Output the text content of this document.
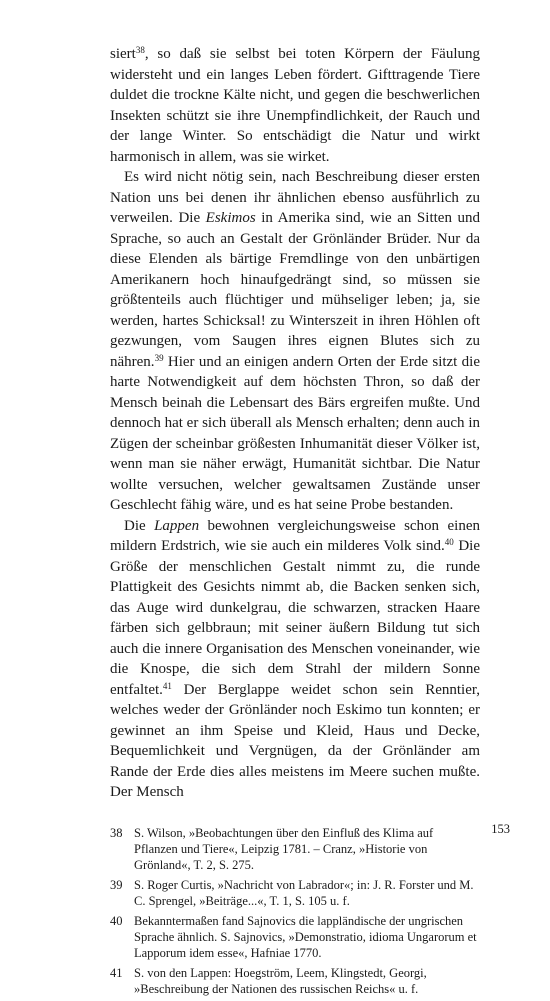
siert$^{38}$, so daß sie selbst bei toten Körpern der Fäulung widersteht und ein langes Leben fördert. Gifttragende Tiere duldet die trockne Kälte nicht, und gegen die beschwerlichen Insekten schützt sie ihre Unempfindlichkeit, der Rauch und der lange Winter. So entschädigt die Natur und wirkt harmonisch in allem, was sie wirket.

Es wird nicht nötig sein, nach Beschreibung dieser ersten Nation uns bei denen ihr ähnlichen ebenso ausführlich zu verweilen. Die Eskimos in Amerika sind, wie an Sitten und Sprache, so auch an Gestalt der Grönländer Brüder. Nur da diese Elenden als bärtige Fremdlinge von den unbärtigen Amerikanern hoch hinaufgedrängt sind, so müssen sie größtenteils auch flüchtiger und mühseliger leben; ja, sie werden, hartes Schicksal! zu Winterszeit in ihren Höhlen oft gezwungen, vom Saugen ihres eignen Blutes sich zu nähren.$^{39}$ Hier und an einigen andern Orten der Erde sitzt die harte Notwendigkeit auf dem höchsten Thron, so daß der Mensch beinah die Lebensart des Bärs ergreifen mußte. Und dennoch hat er sich überall als Mensch erhalten; denn auch in Zügen der scheinbar größesten Inhumanität dieser Völker ist, wenn man sie näher erwägt, Humanität sichtbar. Die Natur wollte versuchen, welcher gewaltsamen Zustände unser Geschlecht fähig wäre, und es hat seine Probe bestanden.

Die Lappen bewohnen vergleichungsweise schon einen mildern Erdstrich, wie sie auch ein milderes Volk sind.$^{40}$ Die Größe der menschlichen Gestalt nimmt zu, die runde Plattigkeit des Gesichts nimmt ab, die Backen senken sich, das Auge wird dunkelgrau, die schwarzen, stracken Haare färben sich gelbbraun; mit seiner äußern Bildung tut sich auch die innere Organisation des Menschen voneinander, wie die Knospe, die sich dem Strahl der mildern Sonne entfaltet.$^{41}$ Der Berglappe weidet schon sein Renntier, welches weder der Grönländer noch Eskimo tun konnten; er gewinnet an ihm Speise und Kleid, Haus und Decke, Bequemlichkeit und Vergnügen, da der Grönländer am Rande der Erde dies alles meistens im Meere suchen mußte. Der Mensch

38 S. Wilson, »Beobachtungen über den Einfluß des Klima auf Pflanzen und Tiere«, Leipzig 1781. – Cranz, »Historie von Grönland«, T. 2, S. 275.
39 S. Roger Curtis, »Nachricht von Labrador«; in: J. R. Forster und M. C. Sprengel, »Beiträge...«, T. 1, S. 105 u. f.
40 Bekanntermaßen fand Sajnovics die lappländische der ungrischen Sprache ähnlich. S. Sajnovics, »Demonstratio, idioma Ungarorum et Lapporum idem esse«, Hafniae 1770.
41 S. von den Lappen: Hoegström, Leem, Klingstedt, Georgi, »Beschreibung der Nationen des russischen Reichs« u. f.
153
